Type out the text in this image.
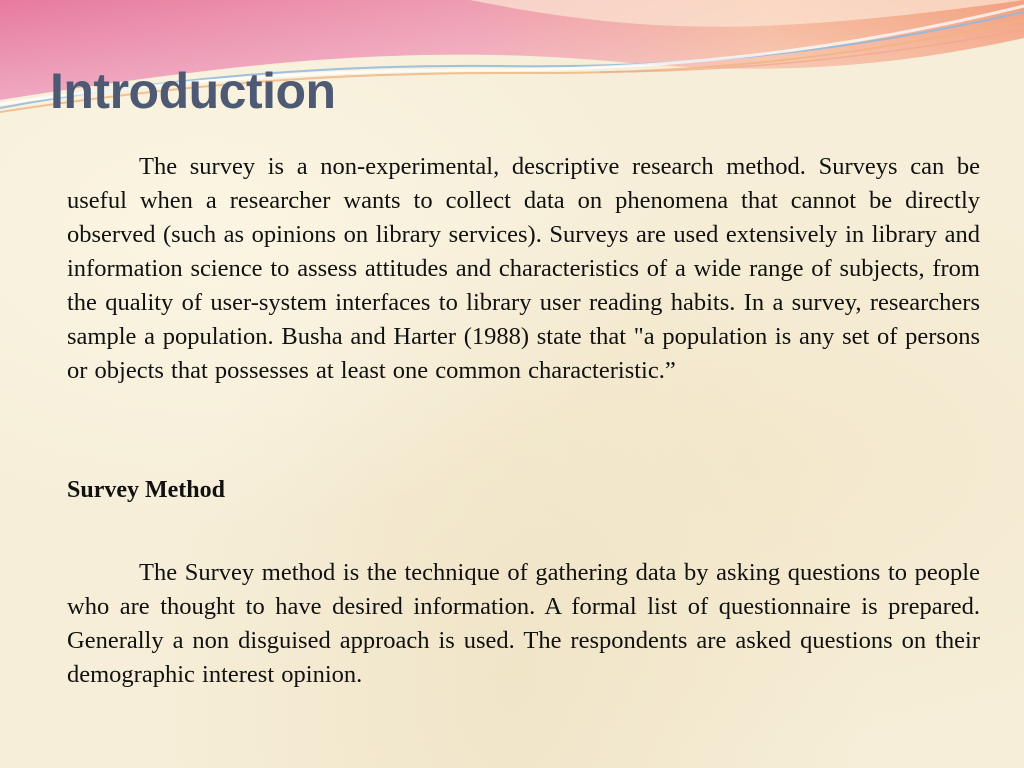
Introduction

The survey is a non-experimental, descriptive research method. Surveys can be useful when a researcher wants to collect data on phenomena that cannot be directly observed (such as opinions on library services). Surveys are used extensively in library and information science to assess attitudes and characteristics of a wide range of subjects, from the quality of user-system interfaces to library user reading habits. In a survey, researchers sample a population. Busha and Harter (1988) state that "a population is any set of persons or objects that possesses at least one common characteristic.”

Survey Method

The Survey method is the technique of gathering data by asking questions to people who are thought to have desired information. A formal list of questionnaire is prepared. Generally a non disguised approach is used. The respondents are asked questions on their demographic interest opinion.
